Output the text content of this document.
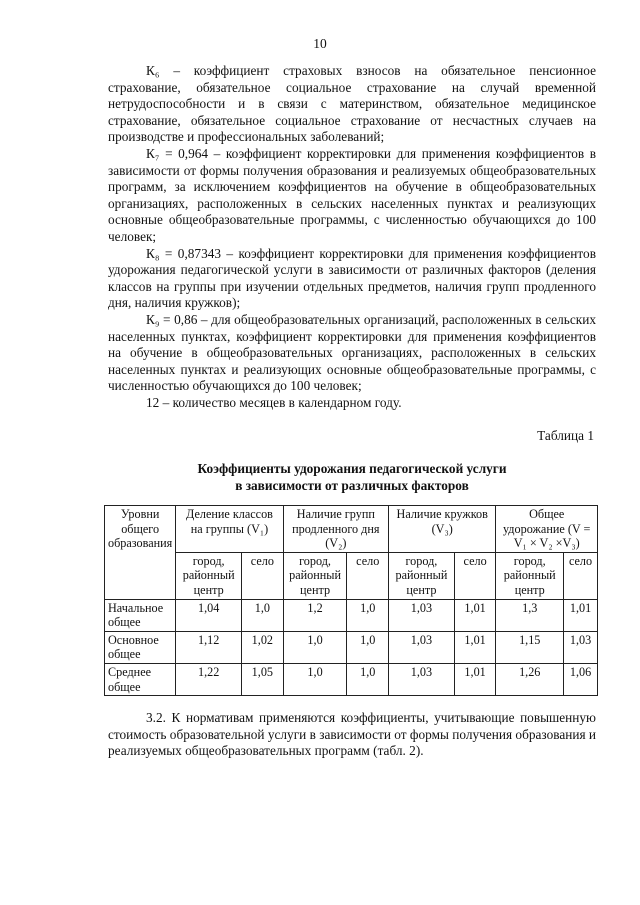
10

К₆ – коэффициент страховых взносов на обязательное пенсионное страхование, обязательное социальное страхование на случай временной нетрудоспособности и в связи с материнством, обязательное медицинское страхование, обязательное социальное страхование от несчастных случаев на производстве и профессиональных заболеваний;

К₇ = 0,964 – коэффициент корректировки для применения коэффициентов в зависимости от формы получения образования и реализуемых общеобразовательных программ, за исключением коэффициентов на обучение в общеобразовательных организациях, расположенных в сельских населенных пунктах и реализующих основные общеобразовательные программы, с численностью обучающихся до 100 человек;

К₈ = 0,87343 – коэффициент корректировки для применения коэффициентов удорожания педагогической услуги в зависимости от различных факторов (деления классов на группы при изучении отдельных предметов, наличия групп продленного дня, наличия кружков);

К₉ = 0,86 – для общеобразовательных организаций, расположенных в сельских населенных пунктах, коэффициент корректировки для применения коэффициентов на обучение в общеобразовательных организациях, расположенных в сельских населенных пунктах и реализующих основные общеобразовательные программы, с численностью обучающихся до 100 человек;

12 – количество месяцев в календарном году.

Таблица 1
Коэффициенты удорожания педагогической услуги
в зависимости от различных факторов
Уровни общего образования	Деление классов на группы (V₁)		Наличие групп продленного дня (V₂)		Наличие кружков (V₃)		Общее удорожание (V = V₁ × V₂ ×V₃)	
	город, районный центр	село	город, районный центр	село	город, районный центр	село	город, районный центр	село
Начальное общее	1,04	1,0	1,2	1,0	1,03	1,01	1,3	1,01
Основное общее	1,12	1,02	1,0	1,0	1,03	1,01	1,15	1,03
Среднее общее	1,22	1,05	1,0	1,0	1,03	1,01	1,26	1,06

3.2. К нормативам применяются коэффициенты, учитывающие повышенную стоимость образовательной услуги в зависимости от формы получения образования и реализуемых общеобразовательных программ (табл. 2).
